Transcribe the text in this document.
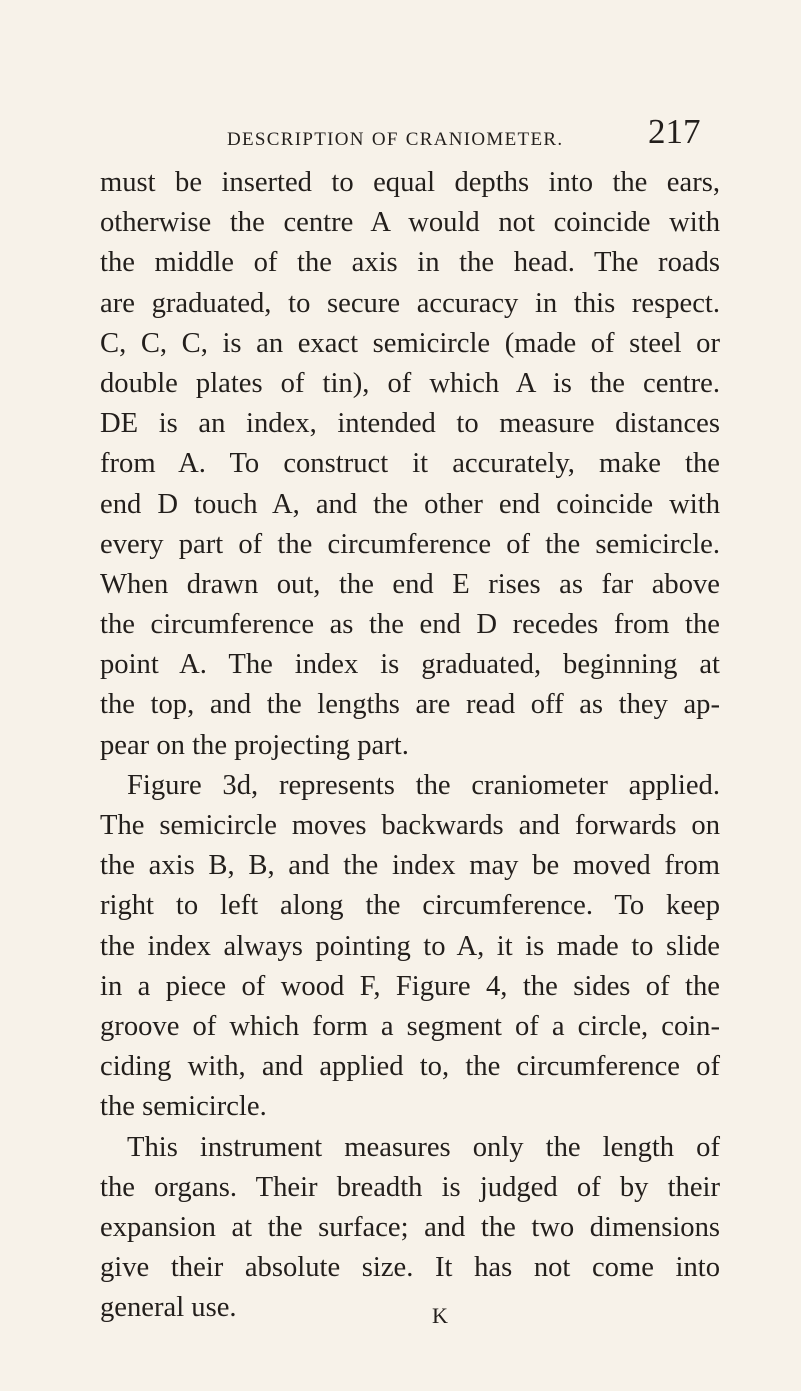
DESCRIPTION OF CRANIOMETER. 217
must be inserted to equal depths into the ears,
otherwise the centre A would not coincide with
the middle of the axis in the head. The roads
are graduated, to secure accuracy in this respect.
C, C, C, is an exact semicircle (made of steel or
double plates of tin), of which A is the centre.
DE is an index, intended to measure distances
from A. To construct it accurately, make the
end D touch A, and the other end coincide with
every part of the circumference of the semicircle.
When drawn out, the end E rises as far above
the circumference as the end D recedes from the
point A. The index is graduated, beginning at
the top, and the lengths are read off as they ap-
pear on the projecting part.
Figure 3d, represents the craniometer applied.
The semicircle moves backwards and forwards on
the axis B, B, and the index may be moved from
right to left along the circumference. To keep
the index always pointing to A, it is made to slide
in a piece of wood F, Figure 4, the sides of the
groove of which form a segment of a circle, coin-
ciding with, and applied to, the circumference of
the semicircle.
This instrument measures only the length of
the organs. Their breadth is judged of by their
expansion at the surface; and the two dimensions
give their absolute size. It has not come into
general use.	K
